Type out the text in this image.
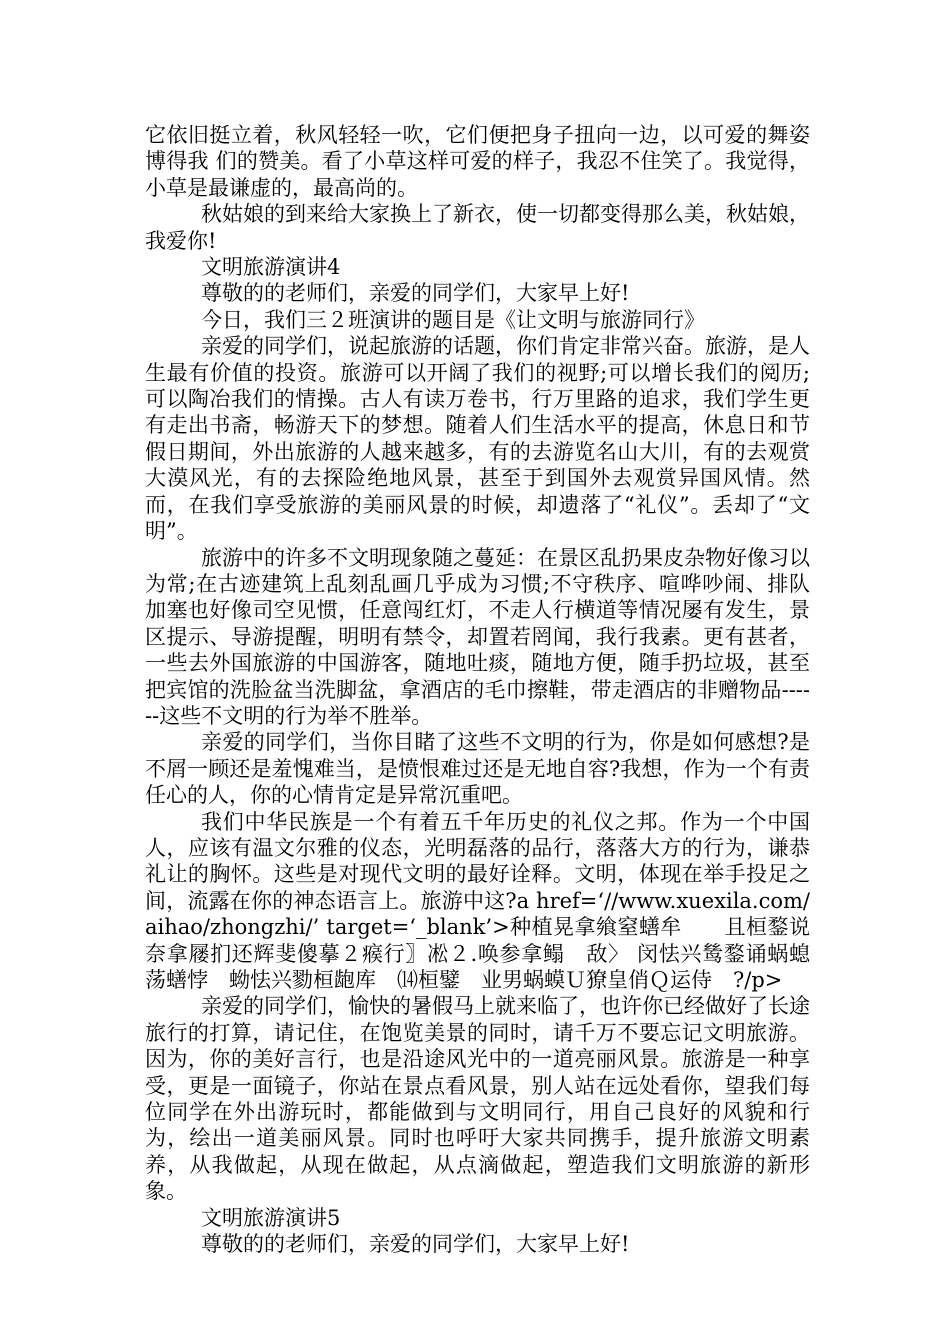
它依旧挺立着，秋风轻轻一吹，它们便把身子扭向一边，以可爱的舞姿博得我 们的赞美。看了小草这样可爱的样子，我忍不住笑了。我觉得，小草是最谦虚的，最高尚的。

秋姑娘的到来给大家换上了新衣，使一切都变得那么美，秋姑娘，我爱你!

文明旅游演讲4

尊敬的的老师们，亲爱的同学们，大家早上好!

今日，我们三２班演讲的题目是《让文明与旅游同行》

亲爱的同学们，说起旅游的话题，你们肯定非常兴奋。旅游，是人生最有价值的投资。旅游可以开阔了我们的视野;可以增长我们的阅历;可以陶冶我们的情操。古人有读万卷书，行万里路的追求，我们学生更有走出书斋，畅游天下的梦想。随着人们生活水平的提高，休息日和节假日期间，外出旅游的人越来越多，有的去游览名山大川，有的去观赏大漠风光，有的去探险绝地风景，甚至于到国外去观赏异国风情。然而，在我们享受旅游的美丽风景的时候，却遗落了“礼仪”。丢却了“文明”。

旅游中的许多不文明现象随之蔓延：在景区乱扔果皮杂物好像习以为常;在古迹建筑上乱刻乱画几乎成为习惯;不守秩序、喧哗吵闹、排队加塞也好像司空见惯，任意闯红灯，不走人行横道等情况屡有发生，景区提示、导游提醒，明明有禁令，却置若罔闻，我行我素。更有甚者，一些去外国旅游的中国游客，随地吐痰，随地方便，随手扔垃圾，甚至把宾馆的洗脸盆当洗脚盆，拿酒店的毛巾擦鞋，带走酒店的非赠物品------这些不文明的行为举不胜举。

亲爱的同学们，当你目睹了这些不文明的行为，你是如何感想?是不屑一顾还是羞愧难当，是愤恨难过还是无地自容?我想，作为一个有责任心的人，你的心情肯定是异常沉重吧。

我们中华民族是一个有着五千年历史的礼仪之邦。作为一个中国人，应该有温文尔雅的仪态，光明磊落的品行，落落大方的行为，谦恭礼让的胸怀。这些是对现代文明的最好诠释。文明，体现在举手投足之间，流露在你的神态语言上。旅游中这?a href=‘//www.xuexila.com/aihao/zhongzhi/’ target=‘_blank’>种植晃拿飨窒蟮牟　　且桓鍪说奈拿屦扪还辉斐傻摹２瘊行〗凇２.唤参拿鳎　敌〉 闵怯兴鸶鍪诵蜗螅　荡蟮悖　蚴怯兴勠桓龅库　⒁桓鐾　业男蜗蟆Ｕ獠皇俏Ｑ运侍　?/p>

亲爱的同学们，愉快的暑假马上就来临了，也许你已经做好了长途旅行的打算，请记住，在饱览美景的同时，请千万不要忘记文明旅游。因为，你的美好言行，也是沿途风光中的一道亮丽风景。旅游是一种享受，更是一面镜子，你站在景点看风景，别人站在远处看你，望我们每位同学在外出游玩时，都能做到与文明同行，用自己良好的风貌和行为，绘出一道美丽风景。同时也呼吁大家共同携手，提升旅游文明素养，从我做起，从现在做起，从点滴做起，塑造我们文明旅游的新形象。

文明旅游演讲5

尊敬的的老师们，亲爱的同学们，大家早上好!
